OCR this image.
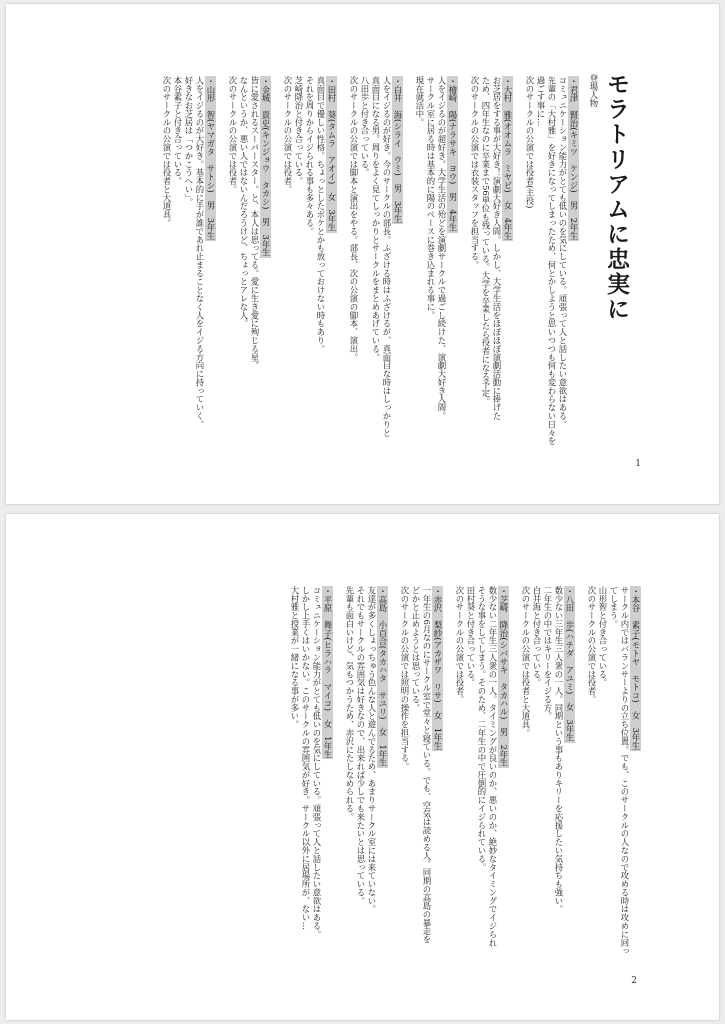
モラトリアムに忠実に
登場人物
・君津　賢治(キミツ　ケンジ)　男　2年生
コミュニケーション能力がとても低いのを気にしている。頑張って人と話したい意欲はある。
先輩の「大村雅」を好きになってしまったため、何とかしようと思いつつも何も変わらない日々を
過ごす事に…
次のサークルの公演では役者(主役)
・大村　雅(オオムラ　ミヤビ)　女　4年生
お芝居をする事が大好き！演劇大好き人間。しかし、大学生活をほぼほぼ演劇活動に捧げた
ため、四年生なのに卒業まで56単位も残っている。大学を卒業したら役者になる予定。
次のサークルの公演では衣装スタッフを担当する。
・檜崎　陽(ナラサキ　ヨウ)　男　4年生
人をイジるのが超好き。大学生活の殆どを演劇サークルで過ごし続けた、演劇大好き人間。
サークル室に居る時は基本的に陽のペースに巻き込まれる事に。
現在就活中。
・白井　海(シライ　ウミ)　男　3年生
人をイジるのが好き。今のサークルの部長。ふざける時はふざけるが、真面目な時はしっかりと
真面目になる男。周りをよく見てしっかりとサークルをまとめあげている。
八田歩と付き合っている。
次のサークルの公演では脚本と演出をやる。部長、次の公演の脚本、演出。
・田村　葵(タムラ　アオイ)　女　3年生
真面目で優しい性格。ちょっとしたボケとかも放っておけない時もあり。
それを周りからイジられる事も多々ある。
芝崎降治と付き合っている。
次のサークルの公演では役者。
・金城　貴史(キンジョウ　タカシ)　男　3年生
皆に愛されるスーパースター。と、本人は思ってる。愛に生き愛に殉じる星。
なんというか、悪い人ではないんだろうけど、ちょっとアレな人。
次のサークルの公演では役者。
・山形　智(ヤマガタ　サトシ)　男　3年生
人をイジるのが大好き。基本的に手が誰であれ止まることなく人をイジる方向に持っていく。
好きなお芝居は「つかこうへい」。
本谷素子と付き合っている。
次のサークルの公演では役者と大道具。
1
・本谷　素子(モトヤ　モトコ)　女　3年生
サークル内ではバランサーよりの立ち位置。でも、このサークルの人なので攻める時は攻めに回っ
てしまう。
山形智と付き合っている。
次のサークルの公演では役者。
・八田　歩(ハチダ　アユミ)　女　3年生
数少ない三年生三人衆の一人。同期という事もありキリーを応援したい気持ちも強い。
二年生の中ではキリーをイジる方。
白井海と付き合っている。
次のサークルの公演では役者と大道具。
・芝崎　降治(シバサキ　タカハル)　男　2年生
数少ない二年生三人衆の一人。タイミングが良いのか、悪いのか、絶妙なタイミングでイジられ
そうな事をしてしまう。そのため、二年生の中で圧倒的にイジられている。
田村葵と付き合っている。
次のサークルの公演では役者。
・赤沢　梨紗(アカザワ　リサ)　女　1年生
一年生の6月なのにサークル室で堂々と寝ている。でも、空気は読める人。同期の高島の暴走を
どかと止めようとは思っている。
次のサークルの公演では照明の操作を担当する。
・高島　小百合(タカハタ　サユリ)　女　1年生
友達が多くしょっちゅう色んな人と遊んでるため、あまりサークル室には来ていない。
それでもサークルの雰囲気は好きなので、出来れば少しでも来たいとは思っている。
先輩も面白いけど、気もつかうため、赤沢にたしなめられる。
・平原　舞子(ヒラハラ　マイコ)　女　1年生
コミュニケーション能力がとても低いのを気にしている。頑張って人と話したい意欲はある。
しかし上手くはいかない。このサークルの雰囲気が好き。サークル以外に居場所が、ない…
大村雅と授業が一緒になる事が多い。
2
